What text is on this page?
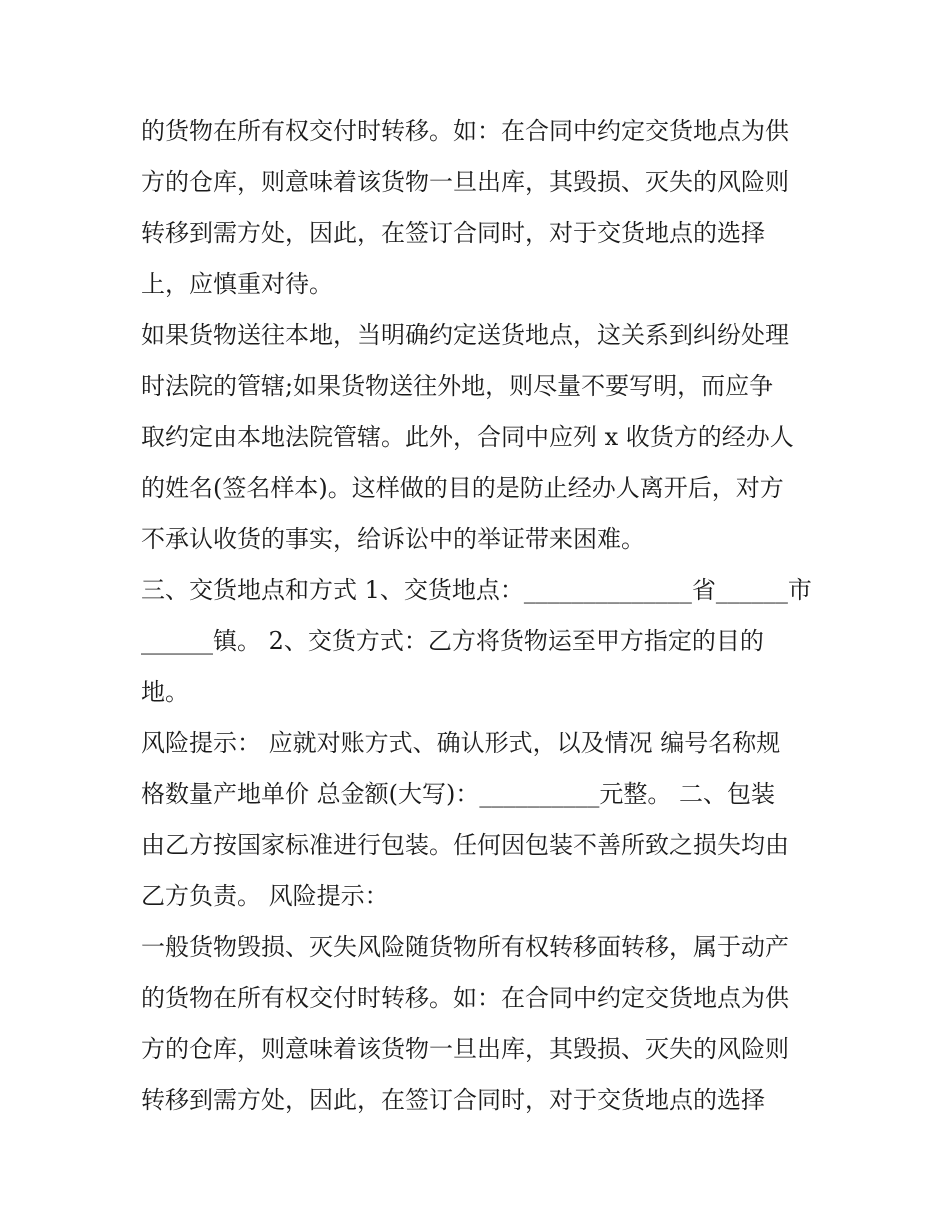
的货物在所有权交付时转移。如：在合同中约定交货地点为供
方的仓库，则意味着该货物一旦出库，其毁损、灭失的风险则
转移到需方处，因此，在签订合同时，对于交货地点的选择
上，应慎重对待。
如果货物送往本地，当明确约定送货地点，这关系到纠纷处理
时法院的管辖;如果货物送往外地，则尽量不要写明，而应争
取约定由本地法院管辖。此外，合同中应列 x 收货方的经办人
的姓名(签名样本)。这样做的目的是防止经办人离开后，对方
不承认收货的事实，给诉讼中的举证带来困难。
三、交货地点和方式 1、交货地点：______________省______市
______镇。 2、交货方式：乙方将货物运至甲方指定的目的
地。
风险提示： 应就对账方式、确认形式，以及情况 编号名称规
格数量产地单价 总金额(大写)：__________元整。 二、包装
由乙方按国家标准进行包装。任何因包装不善所致之损失均由
乙方负责。 风险提示：
一般货物毁损、灭失风险随货物所有权转移面转移，属于动产
的货物在所有权交付时转移。如：在合同中约定交货地点为供
方的仓库，则意味着该货物一旦出库，其毁损、灭失的风险则
转移到需方处，因此，在签订合同时，对于交货地点的选择
